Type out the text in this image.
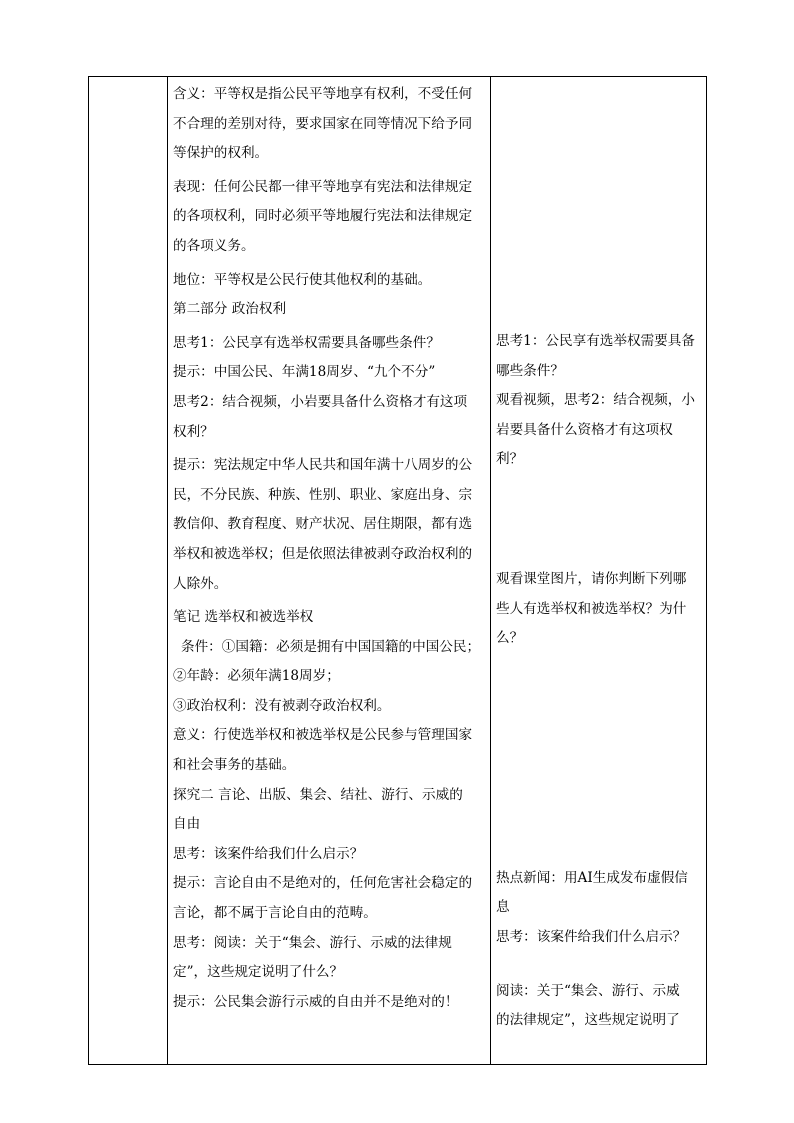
含义：平等权是指公民平等地享有权利，不受任何

不合理的差别对待，要求国家在同等情况下给予同

等保护的权利。

表现：任何公民都一律平等地享有宪法和法律规定

的各项权利，同时必须平等地履行宪法和法律规定

的各项义务。

地位：平等权是公民行使其他权利的基础。

第二部分 政治权利

思考1：公民享有选举权需要具备哪些条件？

提示：中国公民、年满18周岁、“九个不分”

思考2：结合视频，小岩要具备什么资格才有这项

权利？

提示：宪法规定中华人民共和国年满十八周岁的公

民，不分民族、种族、性别、职业、家庭出身、宗

教信仰、教育程度、财产状况、居住期限，都有选

举权和被选举权；但是依照法律被剥夺政治权利的

人除外。

笔记 选举权和被选举权

条件：①国籍：必须是拥有中国国籍的中国公民；

②年龄：必须年满18周岁；

③政治权利：没有被剥夺政治权利。

意义：行使选举权和被选举权是公民参与管理国家

和社会事务的基础。

探究二 言论、出版、集会、结社、游行、示威的

自由

思考：该案件给我们什么启示？

提示：言论自由不是绝对的，任何危害社会稳定的

言论，都不属于言论自由的范畴。

思考：阅读：关于“集会、游行、示威的法律规

定”，这些规定说明了什么？

提示：公民集会游行示威的自由并不是绝对的！

思考1：公民享有选举权需要具备

哪些条件？

观看视频，思考2：结合视频，小

岩要具备什么资格才有这项权

利？

观看课堂图片，请你判断下列哪

些人有选举权和被选举权？为什

么？

热点新闻：用AI生成发布虚假信

息

思考：该案件给我们什么启示？

阅读：关于“集会、游行、示威

的法律规定”，这些规定说明了
